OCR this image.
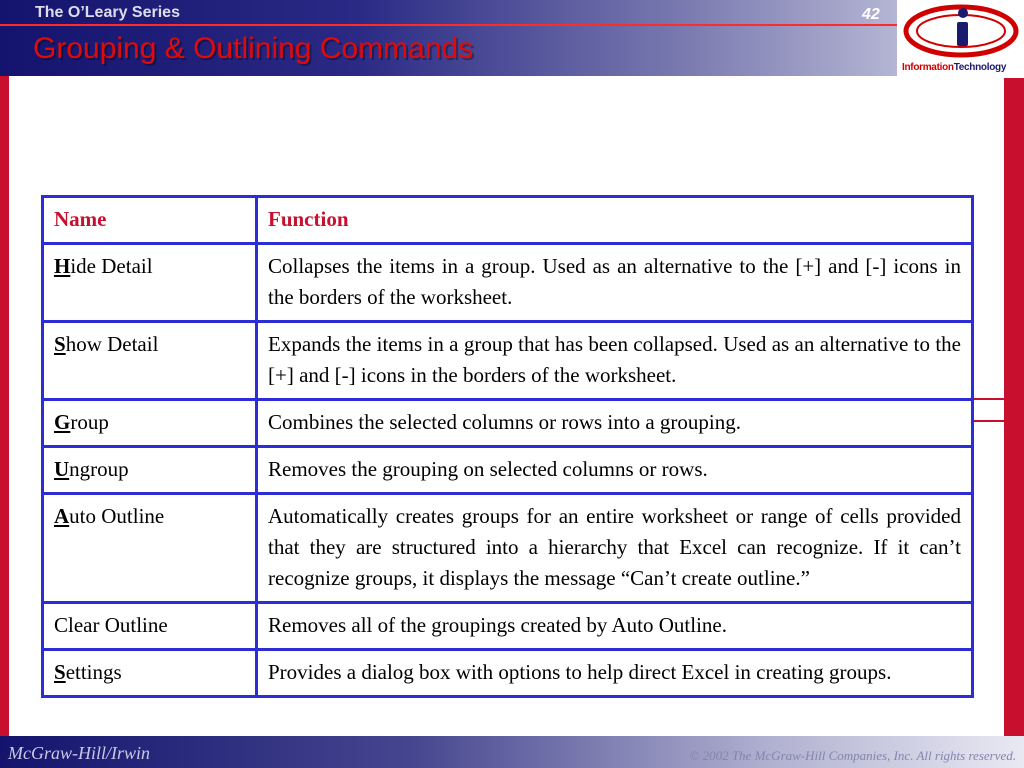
The O’Leary Series	42
Grouping & Outlining Commands
InformationTechnology
Name	Function
Hide Detail	Collapses the items in a group. Used as an alternative to the [+] and [-] icons in the borders of the worksheet.
Show Detail	Expands the items in a group that has been collapsed. Used as an alternative to the [+] and [-] icons in the borders of the worksheet.
Group	Combines the selected columns or rows into a grouping.
Ungroup	Removes the grouping on selected columns or rows.
Auto Outline	Automatically creates groups for an entire worksheet or range of cells provided that they are structured into a hierarchy that Excel can recognize. If it can’t recognize groups, it displays the message “Can’t create outline.”
Clear Outline	Removes all of the groupings created by Auto Outline.
Settings	Provides a dialog box with options to help direct Excel in creating groups.
McGraw-Hill/Irwin	© 2002 The McGraw-Hill Companies, Inc. All rights reserved.
